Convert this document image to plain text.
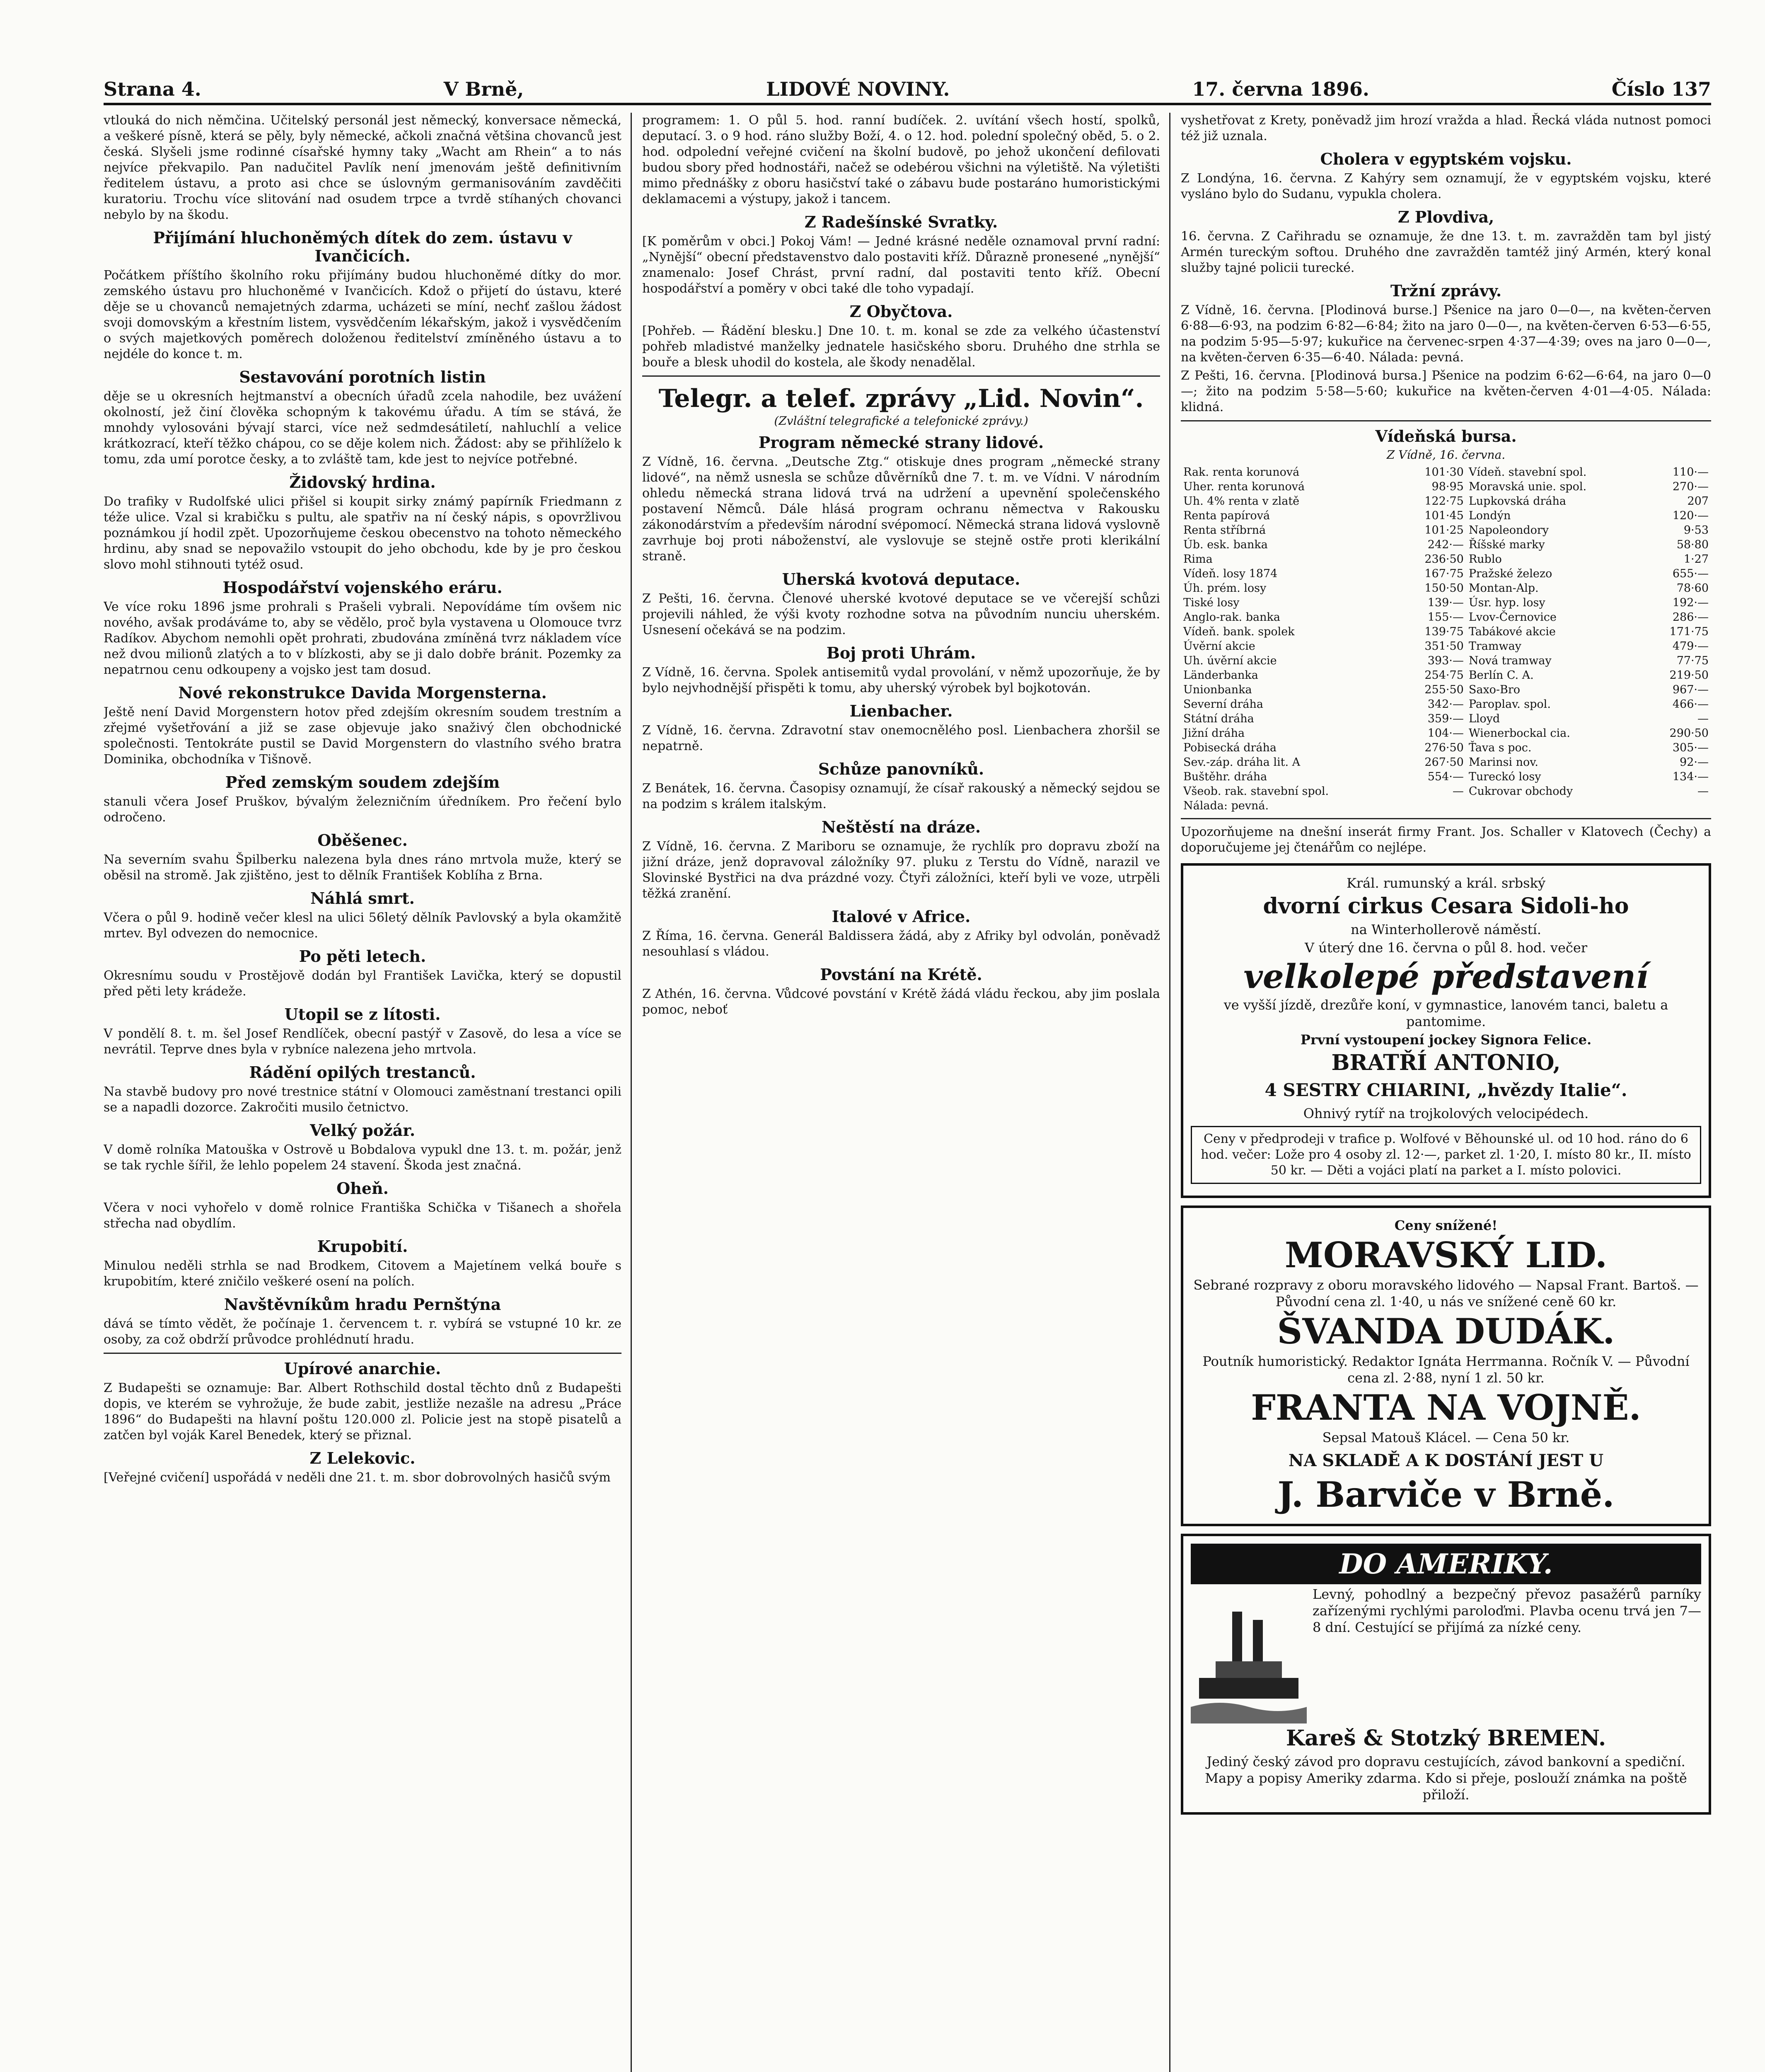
Strana 4.	V Brně,	LIDOVÉ NOVINY.	17. června 1896.	Číslo 137

vtlouká do nich němčina. Učitelský personál jest německý, konversace německá, a veškeré písně, která se pěly, byly německé, ačkoli značná většina chovanců jest česká. Slyšeli jsme rodinné císařské hymny taky „Wacht am Rhein“ a to nás nejvíce překvapilo. Pan nadučitel Pavlík není jmenovám ještě definitivním ředitelem ústavu, a proto asi chce se úslovným germanisováním zavděčiti kuratoriu. Trochu více slitování nad osudem trpce a tvrdě stíhaných chovanci nebylo by na škodu.

Přijímání hluchoněmých dítek do zem. ústavu v Ivančicích.

Počátkem příštího školního roku přijímány budou hluchoněmé dítky do mor. zemského ústavu pro hluchoněmé v Ivančicích. Kdož o přijetí do ústavu, které děje se u chovanců nemajetných zdarma, ucházeti se míní, nechť zašlou žádost svoji domovským a křestním listem, vysvědčením lékařským, jakož i vysvědčením o svých majetkových poměrech doloženou ředitelství zmíněného ústavu a to nejdéle do konce t. m.

Sestavování porotních listin

děje se u okresních hejtmanství a obecních úřadů zcela nahodile, bez uvážení okolností, jež činí člověka schopným k takovému úřadu. A tím se stává, že mnohdy vylosováni bývají starci, více než sedmdesátiletí, nahluchlí a velice krátkozrací, kteří těžko chápou, co se děje kolem nich. Žádost: aby se přihlíželo k tomu, zda umí porotce česky, a to zvláště tam, kde jest to nejvíce potřebné.

Židovský hrdina.

Do trafiky v Rudolfské ulici přišel si koupit sirky známý papírník Friedmann z téže ulice. Vzal si krabičku s pultu, ale spatřiv na ní český nápis, s opovržlivou poznámkou jí hodil zpět. Upozorňujeme českou obecenstvo na tohoto německého hrdinu, aby snad se nepovažilo vstoupit do jeho obchodu, kde by je pro českou slovo mohl stihnouti tytéž osud.

Hospodářství vojenského eráru.

Ve více roku 1896 jsme prohrali s Prašeli vybrali. Nepovídáme tím ovšem nic nového, avšak prodáváme to, aby se vědělo, proč byla vystavena u Olomouce tvrz Radíkov. Abychom nemohli opět prohrati, zbudována zmíněná tvrz nákladem více než dvou milionů zlatých a to v blízkosti, aby se ji dalo dobře bránit. Pozemky za nepatrnou cenu odkoupeny a vojsko jest tam dosud.

Nové rekonstrukce Davida Morgensterna.

Ještě není David Morgenstern hotov před zdejším okresním soudem trestním a zřejmé vyšetřování a již se zase objevuje jako snaživý člen obchodnické společnosti. Tentokráte pustil se David Morgenstern do vlastního svého bratra Dominika, obchodníka v Tišnově.

Před zemským soudem zdejším

stanuli včera Josef Pruškov, bývalým železničním úředníkem. Pro řečení bylo odročeno.

Oběšenec.

Na severním svahu Špilberku nalezena byla dnes ráno mrtvola muže, který se oběsil na stromě. Jak zjištěno, jest to dělník František Koblíha z Brna.

Náhlá smrt.

Včera o půl 9. hodině večer klesl na ulici 56letý dělník Pavlovský a byla okamžitě mrtev. Byl odvezen do nemocnice.

Po pěti letech.

Okresnímu soudu v Prostějově dodán byl František Lavička, který se dopustil před pěti lety krádeže.

Utopil se z lítosti.

V pondělí 8. t. m. šel Josef Rendlíček, obecní pastýř v Zasově, do lesa a více se nevrátil. Teprve dnes byla v rybníce nalezena jeho mrtvola.

Rádění opilých trestanců.

Na stavbě budovy pro nové trestnice státní v Olomouci zaměstnaní trestanci opili se a napadli dozorce. Zakročiti musilo četnictvo.

Velký požár.

V domě rolníka Matouška v Ostrově u Bobdalova vypukl dne 13. t. m. požár, jenž se tak rychle šířil, že lehlo popelem 24 stavení. Škoda jest značná.

Oheň.

Včera v noci vyhořelo v domě rolnice Františka Schička v Tišanech a shořela střecha nad obydlím.

Krupobití.

Minulou neděli strhla se nad Brodkem, Citovem a Majetínem velká bouře s krupobitím, které zničilo veškeré osení na polích.

Navštěvníkům hradu Pernštýna

dává se tímto vědět, že počínaje 1. červencem t. r. vybírá se vstupné 10 kr. ze osoby, za což obdrží průvodce prohlédnutí hradu.

Upírové anarchie.

Z Budapešti se oznamuje: Bar. Albert Rothschild dostal těchto dnů z Budapešti dopis, ve kterém se vyhrožuje, že bude zabit, jestliže nezašle na adresu „Práce 1896“ do Budapešti na hlavní poštu 120.000 zl. Policie jest na stopě pisatelů a zatčen byl voják Karel Benedek, který se přiznal.

Z Lelekovic.

[Veřejné cvičení] uspořádá v neděli dne 21. t. m. sbor dobrovolných hasičů svým

programem: 1. O půl 5. hod. ranní budíček. 2. uvítání všech hostí, spolků, deputací. 3. o 9 hod. ráno služby Boží, 4. o 12. hod. polední společný oběd, 5. o 2. hod. odpolední veřejné cvičení na školní budově, po jehož ukončení defilovati budou sbory před hodnostáři, načež se odebérou všichni na výletiště. Na výletišti mimo přednášky z oboru hasičství také o zábavu bude postaráno humoristickými deklamacemi a výstupy, jakož i tancem.

Z Radešínské Svratky.

[K poměrům v obci.] Pokoj Vám! — Jedné krásné neděle oznamoval první radní: „Nynější“ obecní představenstvo dalo postaviti kříž. Důrazně pronesené „nynější“ znamenalo: Josef Chrást, první radní, dal postaviti tento kříž. Obecní hospodářství a poměry v obci také dle toho vypadají.

Z Obyčtova.

[Pohřeb. — Řádění blesku.] Dne 10. t. m. konal se zde za velkého účastenství pohřeb mladistvé manželky jednatele hasičského sboru. Druhého dne strhla se bouře a blesk uhodil do kostela, ale škody nenadělal.

Telegr. a telef. zprávy „Lid. Novin“.
(Zvláštní telegrafické a telefonické zprávy.)
Program německé strany lidové.

Z Vídně, 16. června. „Deutsche Ztg.“ otiskuje dnes program „německé strany lidové“, na němž usnesla se schůze důvěrníků dne 7. t. m. ve Vídni. V národním ohledu německá strana lidová trvá na udržení a upevnění společenského postavení Němců. Dále hlásá program ochranu němectva v Rakousku zákonodárstvím a především národní svépomocí. Německá strana lidová vyslovně zavrhuje boj proti náboženství, ale vyslovuje se stejně ostře proti klerikální straně.

Uherská kvotová deputace.

Z Pešti, 16. června. Členové uherské kvotové deputace se ve včerejší schůzi projevili náhled, že výši kvoty rozhodne sotva na původním nunciu uherském. Usnesení očekává se na podzim.

Boj proti Uhrám.

Z Vídně, 16. června. Spolek antisemitů vydal provolání, v němž upozorňuje, že by bylo nejvhodnější přispěti k tomu, aby uherský výrobek byl bojkotován.

Lienbacher.

Z Vídně, 16. června. Zdravotní stav onemocnělého posl. Lienbachera zhoršil se nepatrně.

Schůze panovníků.

Z Benátek, 16. června. Časopisy oznamují, že císař rakouský a německý sejdou se na podzim s králem italským.

Neštěstí na dráze.

Z Vídně, 16. června. Z Mariboru se oznamuje, že rychlík pro dopravu zboží na jižní dráze, jenž dopravoval záložníky 97. pluku z Terstu do Vídně, narazil ve Slovinské Bystřici na dva prázdné vozy. Čtyři záložníci, kteří byli ve voze, utrpěli těžká zranění.

Italové v Africe.

Z Říma, 16. června. Generál Baldissera žádá, aby z Afriky byl odvolán, poněvadž nesouhlasí s vládou.

Povstání na Krétě.

Z Athén, 16. června. Vůdcové povstání v Krétě žádá vládu řeckou, aby jim poslala pomoc, neboť

vyshetřovat z Krety, poněvadž jim hrozí vražda a hlad. Řecká vláda nutnost pomoci též již uznala.

Cholera v egyptském vojsku.

Z Londýna, 16. června. Z Kahýry sem oznamují, že v egyptském vojsku, které vysláno bylo do Sudanu, vypukla cholera.

Z Plovdiva,

16. června. Z Cařihradu se oznamuje, že dne 13. t. m. zavražděn tam byl jistý Armén tureckým softou. Druhého dne zavražděn tamtéž jiný Armén, který konal služby tajné policii turecké.

Tržní zprávy.

Z Vídně, 16. června. [Plodinová burse.] Pšenice na jaro 0—0—, na květen-červen 6·88—6·93, na podzim 6·82—6·84; žito na jaro 0—0—, na květen-červen 6·53—6·55, na podzim 5·95—5·97; kukuřice na červenec-srpen 4·37—4·39; oves na jaro 0—0—, na květen-červen 6·35—6·40. Nálada: pevná.

Z Pešti, 16. června. [Plodinová bursa.] Pšenice na podzim 6·62—6·64, na jaro 0—0—; žito na podzim 5·58—5·60; kukuřice na květen-červen 4·01—4·05. Nálada: klidná.

Vídeňská bursa.
Z Vídně, 16. června.
Rak. renta korunová	101·30	Vídeň. stavební spol.	110·—
Uher. renta korunová	98·95	Moravská unie. spol.	270·—
Uh. 4% renta v zlatě	122·75	Lupkovská dráha	207
Renta papírová	101·45	Londýn	120·—
Renta stříbrná	101·25	Napoleondory	9·53
Úb. esk. banka	242·—	Říšské marky	58·80
Rima	236·50	Rublo	1·27
Vídeň. losy 1874	167·75	Pražské železo	655·—
Úh. prém. losy	150·50	Montan-Alp.	78·60
Tiské losy	139·—	Úsr. hyp. losy	192·—
Anglo-rak. banka	155·—	Lvov-Černovice	286·—
Vídeň. bank. spolek	139·75	Tabákové akcie	171·75
Úvěrní akcie	351·50	Tramway	479·—
Uh. úvěrní akcie	393·—	Nová tramway	77·75
Länderbanka	254·75	Berlín C. A.	219·50
Unionbanka	255·50	Saxo-Bro	967·—
Severní dráha	342·—	Paroplav. spol.	466·—
Státní dráha	359·—	Lloyd	—
Jižní dráha	104·—	Wienerbockal cia.	290·50
Pobisecká dráha	276·50	Ťava s poc.	305·—
Sev.-záp. dráha lit. A	267·50	Marinsi nov.	92·—
Buštěhr. dráha	554·—	Tureckó losy	134·—
Všeob. rak. stavební spol.	—	Cukrovar obchody	—
Nálada: pevná.			

Upozorňujeme na dnešní inserát firmy Frant. Jos. Schaller v Klatovech (Čechy) a doporučujeme jej čtenářům co nejlépe.

Král. rumunský a král. srbský
dvorní cirkus Cesara Sidoli-ho
na Winterhollerově náměstí.
V úterý dne 16. června o půl 8. hod. večer
velkolepé představení
ve vyšší jízdě, drezůře koní, v gymnastice, lanovém tanci, baletu a pantomime.
První vystoupení jockey Signora Felice.
BRATŘÍ ANTONIO,
4 SESTRY CHIARINI, „hvězdy Italie“.
Ohnivý rytíř na trojkolových velocipédech.
Ceny v předprodeji v trafice p. Wolfové v Běhounské ul. od 10 hod. ráno do 6 hod. večer: Lože pro 4 osoby zl. 12·—, parket zl. 1·20, I. místo 80 kr., II. místo 50 kr. — Děti a vojáci platí na parket a I. místo polovici.
Ceny snížené!
MORAVSKÝ LID.
Sebrané rozpravy z oboru moravského lidového — Napsal Frant. Bartoš. — Původní cena zl. 1·40, u nás ve snížené ceně 60 kr.
ŠVANDA DUDÁK.
Poutník humoristický. Redaktor Ignáta Herrmanna. Ročník V. — Původní cena zl. 2·88, nyní 1 zl. 50 kr.
FRANTA NA VOJNĚ.
Sepsal Matouš Klácel. — Cena 50 kr.
NA SKLADĚ A K DOSTÁNÍ JEST U
J. Barviče v Brně.
DO AMERIKY.
Levný, pohodlný a bezpečný převoz pasažérů parníky zařízenými rychlými paroloďmi. Plavba ocenu trvá jen 7—8 dní. Cestující se přijímá za nízké ceny.
Kareš & Stotzký BREMEN.
Jediný český závod pro dopravu cestujících, závod bankovní a spediční. Mapy a popisy Ameriky zdarma. Kdo si přeje, poslouží známka na poště přiloží.
